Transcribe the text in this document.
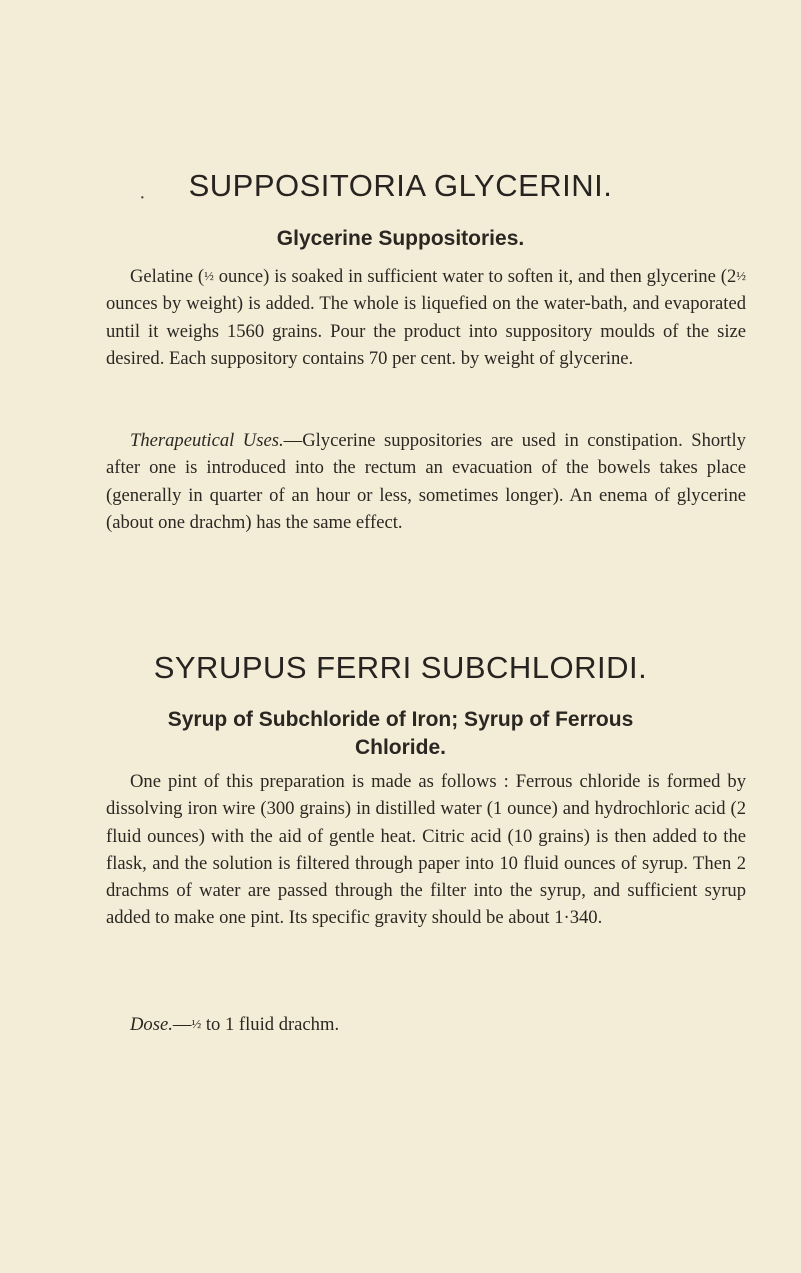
·	SUPPOSITORIA GLYCERINI.
Glycerine Suppositories.

Gelatine (½ ounce) is soaked in sufficient water to soften it, and then glycerine (2½ ounces by weight) is added. The whole is liquefied on the water-bath, and evaporated until it weighs 1560 grains. Pour the product into suppository moulds of the size desired. Each suppository contains 70 per cent. by weight of glycerine.

Therapeutical Uses.—Glycerine suppositories are used in constipation. Shortly after one is introduced into the rectum an evacuation of the bowels takes place (generally in quarter of an hour or less, sometimes longer). An enema of glycerine (about one drachm) has the same effect.

SYRUPUS FERRI SUBCHLORIDI.
Syrup of Subchloride of Iron; Syrup of Ferrous
Chloride.

One pint of this preparation is made as follows : Ferrous chloride is formed by dissolving iron wire (300 grains) in distilled water (1 ounce) and hydrochloric acid (2 fluid ounces) with the aid of gentle heat. Citric acid (10 grains) is then added to the flask, and the solution is filtered through paper into 10 fluid ounces of syrup. Then 2 drachms of water are passed through the filter into the syrup, and sufficient syrup added to make one pint. Its specific gravity should be about 1·340.

Dose.—½ to 1 fluid drachm.
